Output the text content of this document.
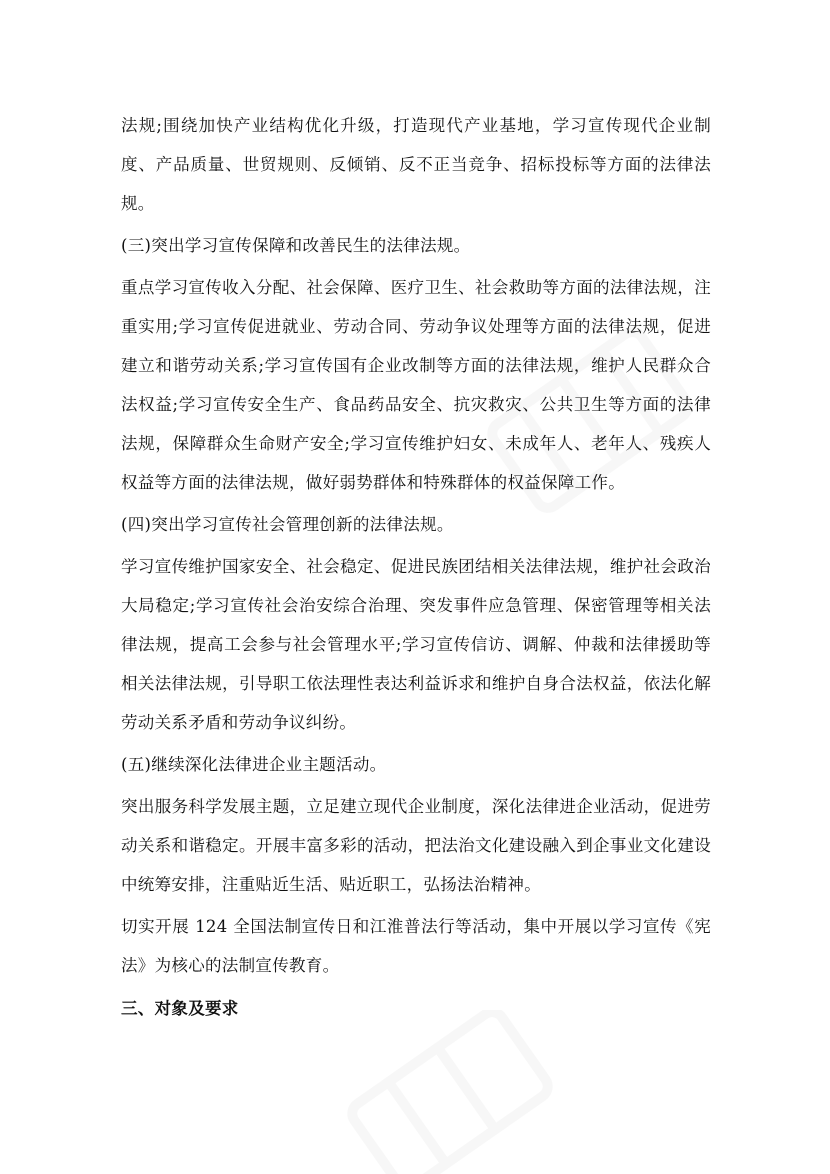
法规;围绕加快产业结构优化升级，打造现代产业基地，学习宣传现代企业制度、产品质量、世贸规则、反倾销、反不正当竞争、招标投标等方面的法律法规。

(三)突出学习宣传保障和改善民生的法律法规。

重点学习宣传收入分配、社会保障、医疗卫生、社会救助等方面的法律法规，注重实用;学习宣传促进就业、劳动合同、劳动争议处理等方面的法律法规，促进建立和谐劳动关系;学习宣传国有企业改制等方面的法律法规，维护人民群众合法权益;学习宣传安全生产、食品药品安全、抗灾救灾、公共卫生等方面的法律法规，保障群众生命财产安全;学习宣传维护妇女、未成年人、老年人、残疾人权益等方面的法律法规，做好弱势群体和特殊群体的权益保障工作。

(四)突出学习宣传社会管理创新的法律法规。

学习宣传维护国家安全、社会稳定、促进民族团结相关法律法规，维护社会政治大局稳定;学习宣传社会治安综合治理、突发事件应急管理、保密管理等相关法律法规，提高工会参与社会管理水平;学习宣传信访、调解、仲裁和法律援助等相关法律法规，引导职工依法理性表达利益诉求和维护自身合法权益，依法化解劳动关系矛盾和劳动争议纠纷。

(五)继续深化法律进企业主题活动。

突出服务科学发展主题，立足建立现代企业制度，深化法律进企业活动，促进劳动关系和谐稳定。开展丰富多彩的活动，把法治文化建设融入到企事业文化建设中统筹安排，注重贴近生活、贴近职工，弘扬法治精神。

切实开展 124 全国法制宣传日和江淮普法行等活动，集中开展以学习宣传《宪法》为核心的法制宣传教育。

三、对象及要求
